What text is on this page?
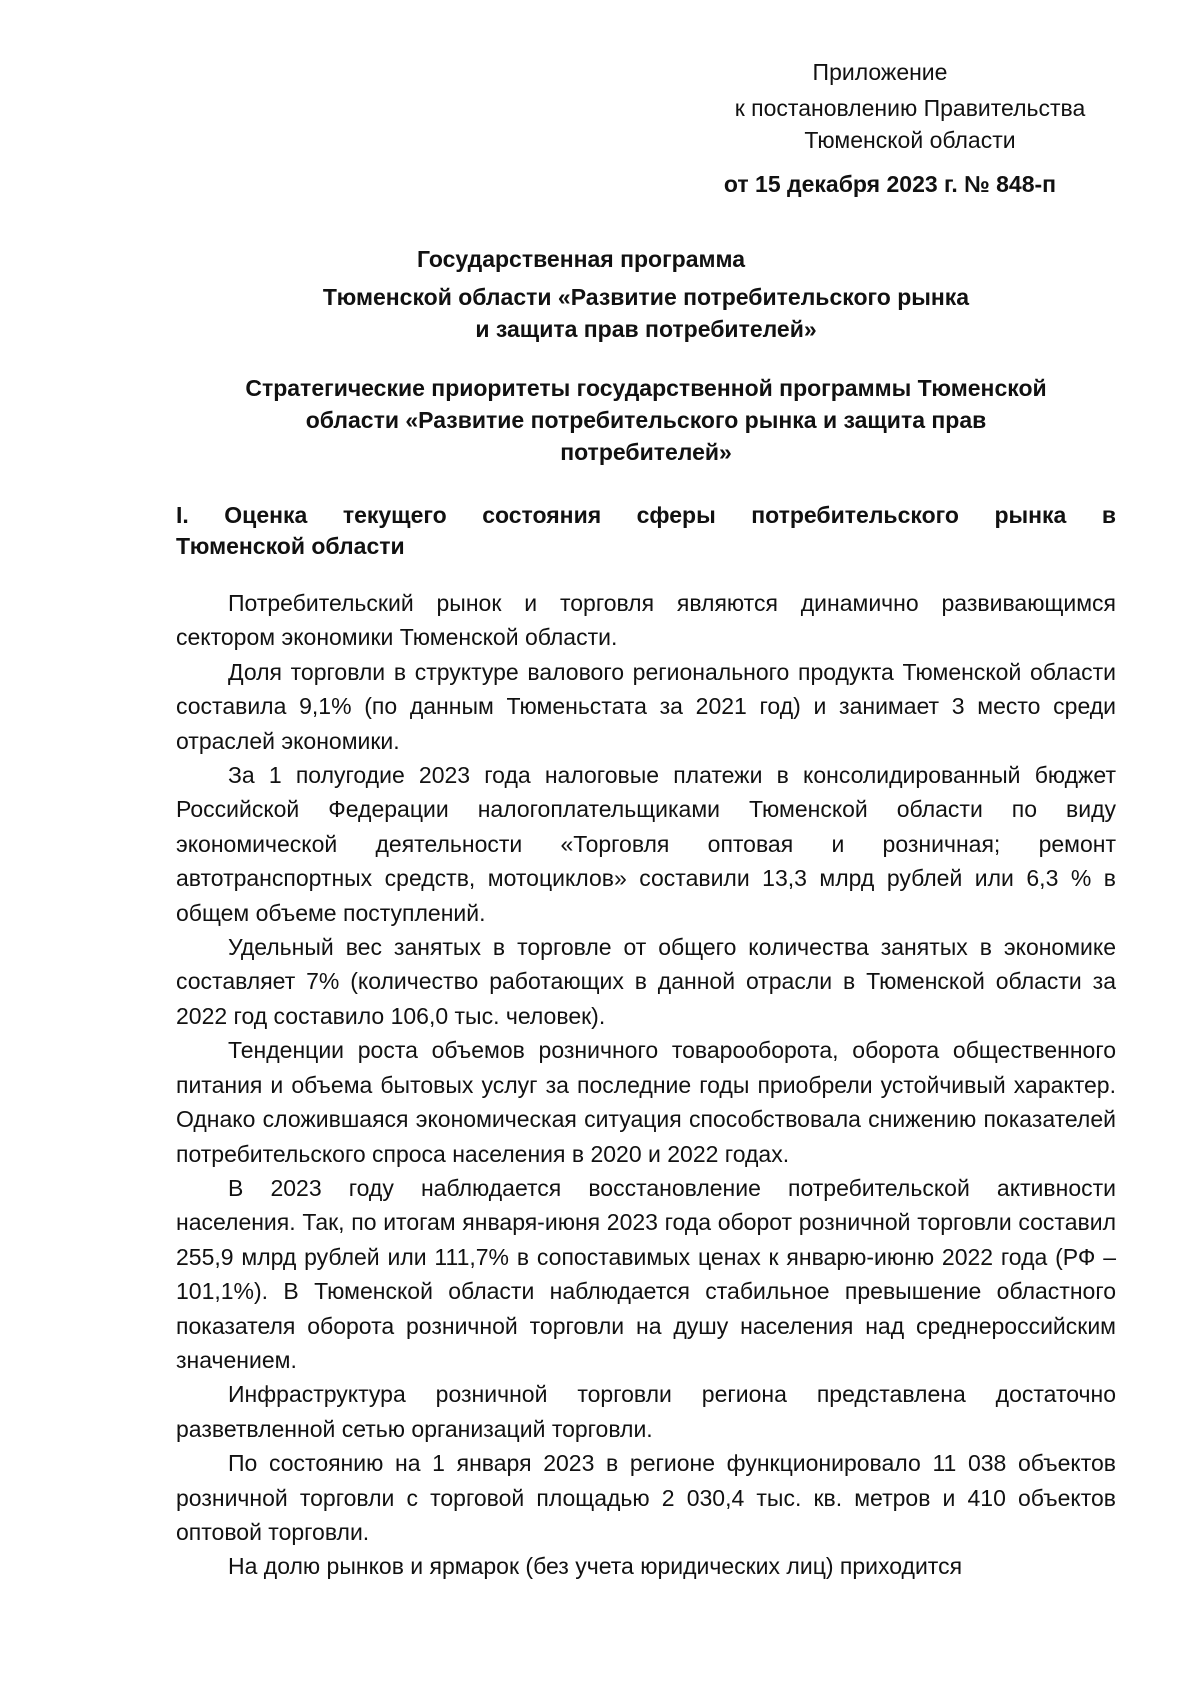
Приложение
к постановлению Правительства
Тюменской области
от 15 декабря 2023 г. № 848-п
Государственная программа
Тюменской области «Развитие потребительского рынка
и защита прав потребителей»
Стратегические приоритеты государственной программы Тюменской
области «Развитие потребительского рынка и защита прав
потребителей»
I. Оценка текущего состояния сферы потребительского рынка в
Тюменской области

Потребительский рынок и торговля являются динамично развивающимся сектором экономики Тюменской области.

Доля торговли в структуре валового регионального продукта Тюменской области составила 9,1% (по данным Тюменьстата за 2021 год) и занимает 3 место среди отраслей экономики.

За 1 полугодие 2023 года налоговые платежи в консолидированный бюджет Российской Федерации налогоплательщиками Тюменской области по виду экономической деятельности «Торговля оптовая и розничная; ремонт автотранспортных средств, мотоциклов» составили 13,3 млрд рублей или 6,3 % в общем объеме поступлений.

Удельный вес занятых в торговле от общего количества занятых в экономике составляет 7% (количество работающих в данной отрасли в Тюменской области за 2022 год составило 106,0 тыс. человек).

Тенденции роста объемов розничного товарооборота, оборота общественного питания и объема бытовых услуг за последние годы приобрели устойчивый характер. Однако сложившаяся экономическая ситуация способствовала снижению показателей потребительского спроса населения в 2020 и 2022 годах.

В 2023 году наблюдается восстановление потребительской активности населения. Так, по итогам января-июня 2023 года оборот розничной торговли составил 255,9 млрд рублей или 111,7% в сопоставимых ценах к январю-июню 2022 года (РФ – 101,1%). В Тюменской области наблюдается стабильное превышение областного показателя оборота розничной торговли на душу населения над среднероссийским значением.

Инфраструктура розничной торговли региона представлена достаточно разветвленной сетью организаций торговли.

По состоянию на 1 января 2023 в регионе функционировало 11 038 объектов розничной торговли с торговой площадью 2 030,4 тыс. кв. метров и 410 объектов оптовой торговли.

На долю рынков и ярмарок (без учета юридических лиц) приходится
